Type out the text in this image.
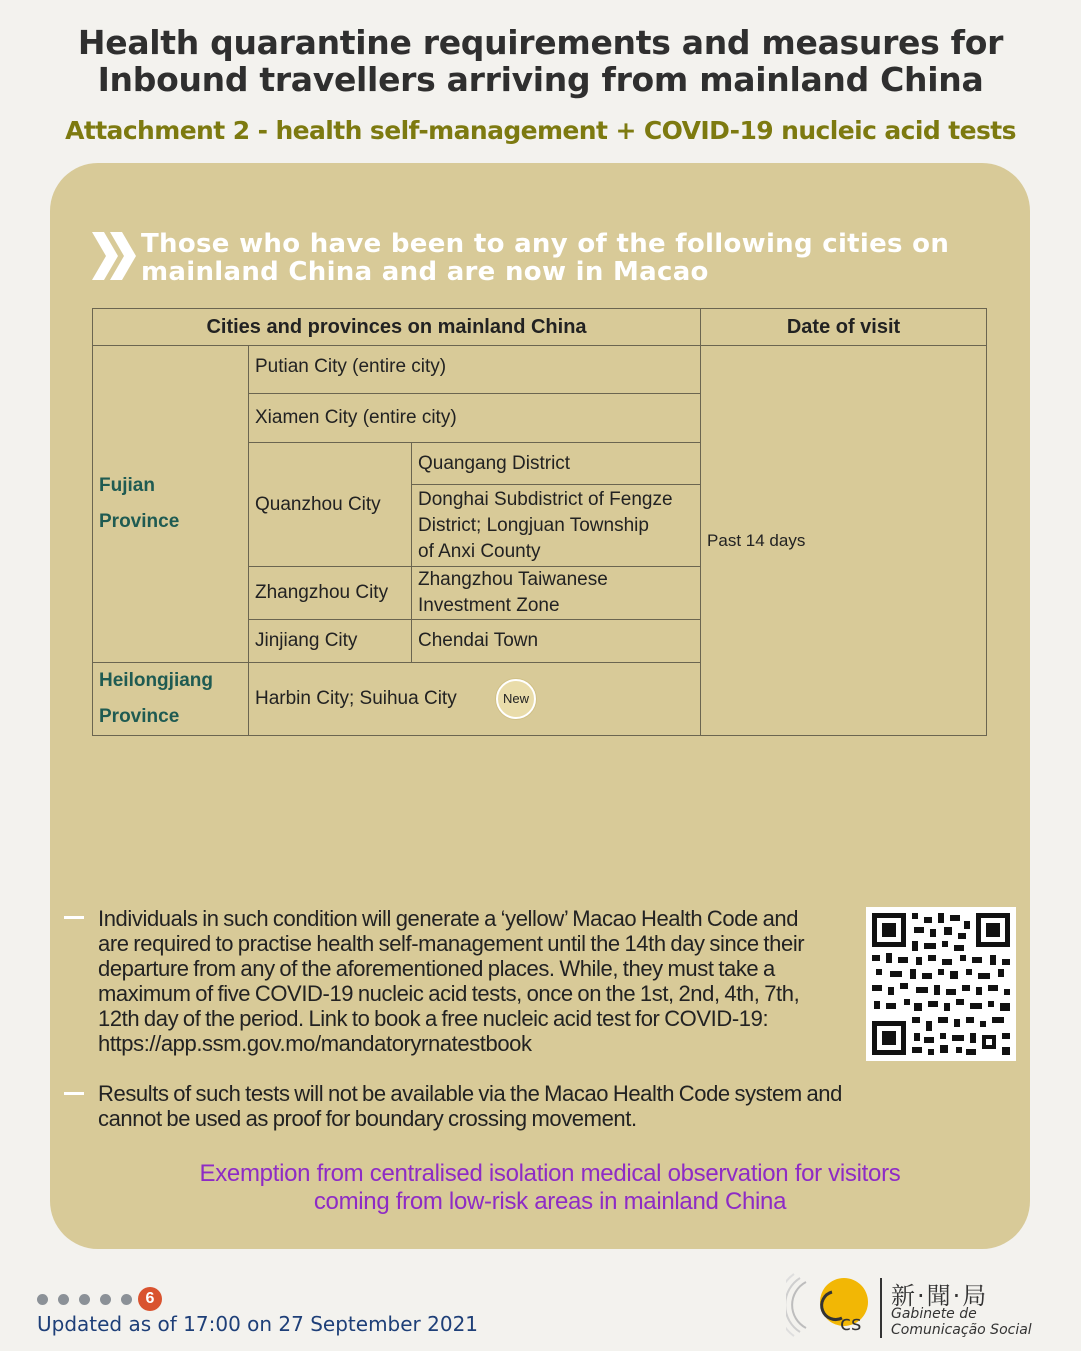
Health quarantine requirements and measures for
Inbound travellers arriving from mainland China
Attachment 2 - health self-management + COVID-19 nucleic acid tests
Those who have been to any of the following cities on
mainland China and are now in Macao
Cities and provinces on mainland China			Date of visit

Fujian
Province	Putian City (entire city)		Past 14 days
	Xiamen City (entire city)		
	Quanzhou City	Quangang District	

		Donghai Subdistrict of Fengze
District; Longjuan Township
of Anxi County	

	Zhangzhou City	Zhangzhou Taiwanese
Investment Zone	

	Jinjiang City	Chendai Town	

Heilongjiang
Province	Harbin City; Suihua City New		
Individuals in such condition will generate a ‘yellow’ Macao Health Code and
are required to practise health self-management until the 14th day since their
departure from any of the aforementioned places. While, they must take a
maximum of five COVID-19 nucleic acid tests, once on the 1st, 2nd, 4th, 7th,
12th day of the period. Link to book a free nucleic acid test for COVID-19:
https://app.ssm.gov.mo/mandatoryrnatestbook
Results of such tests will not be available via the Macao Health Code system and
cannot be used as proof for boundary crossing movement.
Exemption from centralised isolation medical observation for visitors
coming from low-risk areas in mainland China
6
Updated as of 17:00 on 27 September 2021	cs
新·聞·局
Gabinete de
Comunicação Social
